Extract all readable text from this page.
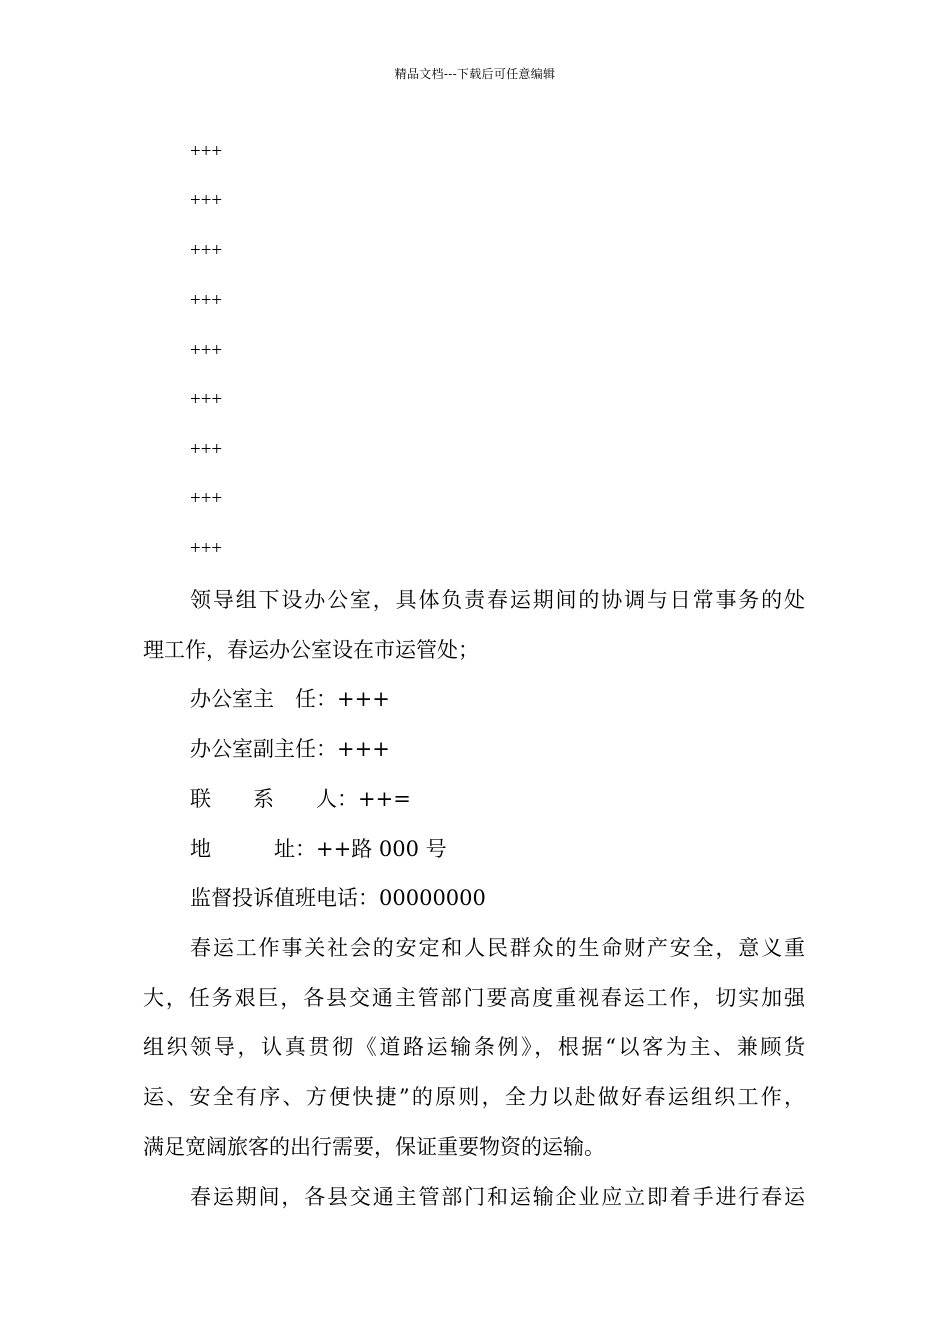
精品文档---下载后可任意编辑
+++
+++
+++
+++
+++
+++
+++
+++
+++
领导组下设办公室，具体负责春运期间的协调与日常事务的处
理工作，春运办公室设在市运管处；
办公室主　任：+++
办公室副主任：+++
联　　系　　人：++=
地　　　址：++路 000 号
监督投诉值班电话：00000000
春运工作事关社会的安定和人民群众的生命财产安全，意义重
大，任务艰巨，各县交通主管部门要高度重视春运工作，切实加强
组织领导，认真贯彻《道路运输条例》，根据“以客为主、兼顾货
运、安全有序、方便快捷”的原则，全力以赴做好春运组织工作，
满足宽阔旅客的出行需要，保证重要物资的运输。
春运期间，各县交通主管部门和运输企业应立即着手进行春运
